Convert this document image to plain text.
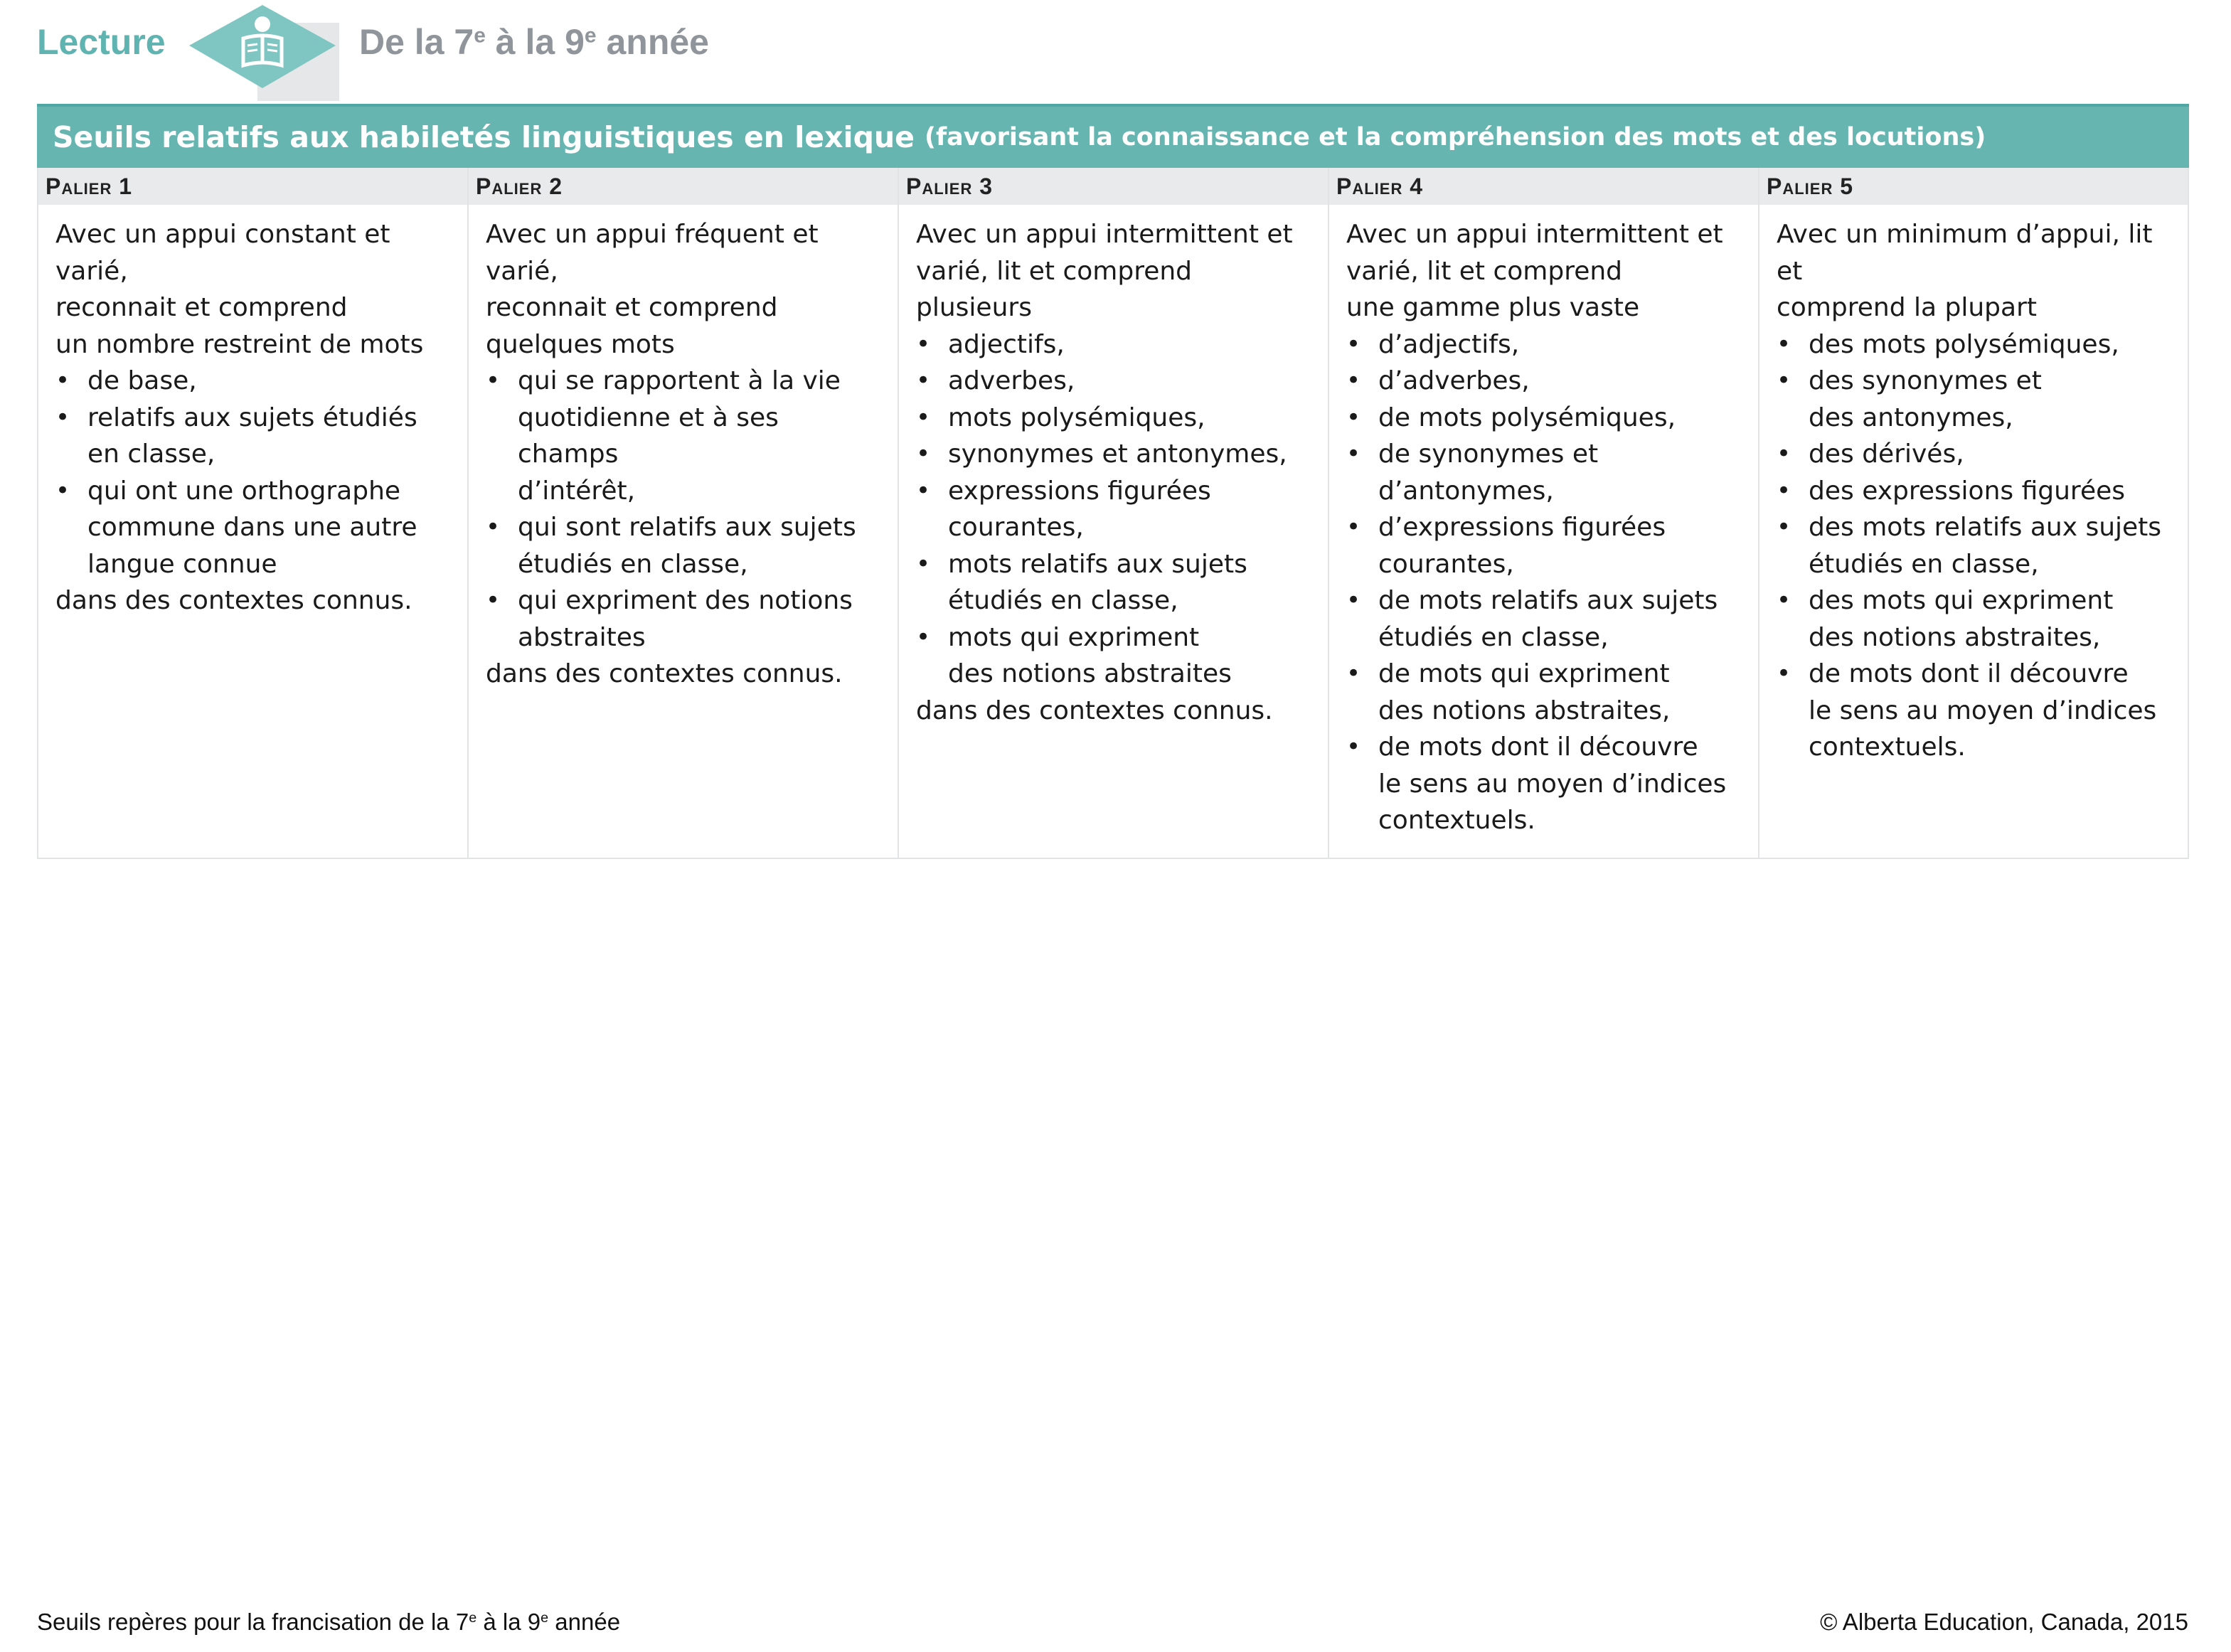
Lecture	De la 7e à la 9e année
Seuils relatifs aux habiletés linguistiques en lexique (favorisant la connaissance et la compréhension des mots et des locutions)
Palier 1

Avec un appui constant et varié,

reconnait et comprend

un nombre restreint de mots

• de base,
• relatifs aux sujets étudiés
en classe,
• qui ont une orthographe
commune dans une autre
langue connue

dans des contextes connus.

Palier 2

Avec un appui fréquent et varié,

reconnait et comprend

quelques mots

• qui se rapportent à la vie
quotidienne et à ses champs
d’intérêt,
• qui sont relatifs aux sujets
étudiés en classe,
• qui expriment des notions
abstraites

dans des contextes connus.

Palier 3

Avec un appui intermittent et

varié, lit et comprend plusieurs

• adjectifs,
• adverbes,
• mots polysémiques,
• synonymes et antonymes,
• expressions figurées
courantes,
• mots relatifs aux sujets
étudiés en classe,
• mots qui expriment
des notions abstraites

dans des contextes connus.

Palier 4

Avec un appui intermittent et

varié, lit et comprend

une gamme plus vaste

• d’adjectifs,
• d’adverbes,
• de mots polysémiques,
• de synonymes et
d’antonymes,
• d’expressions figurées
courantes,
• de mots relatifs aux sujets
étudiés en classe,
• de mots qui expriment
des notions abstraites,
• de mots dont il découvre
le sens au moyen d’indices
contextuels.
Palier 5

Avec un minimum d’appui, lit et

comprend la plupart

• des mots polysémiques,
• des synonymes et
des antonymes,
• des dérivés,
• des expressions figurées
• des mots relatifs aux sujets
étudiés en classe,
• des mots qui expriment
des notions abstraites,
• de mots dont il découvre
le sens au moyen d’indices
contextuels.
Seuils repères pour la francisation de la 7e à la 9e année	© Alberta Education, Canada, 2015
